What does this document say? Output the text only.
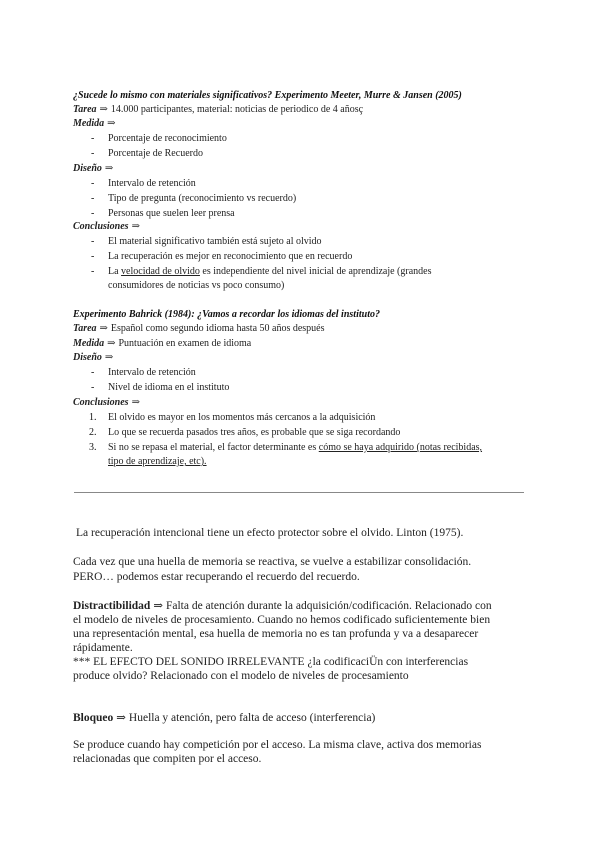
¿Sucede lo mismo con materiales significativos? Experimento Meeter, Murre & Jansen (2005)
Tarea ⇒ 14.000 participantes, material: noticias de periodico de 4 añosç
Medida ⇒
- Porcentaje de reconocimiento
- Porcentaje de Recuerdo
Diseño ⇒
- Intervalo de retención
- Tipo de pregunta (reconocimiento vs recuerdo)
- Personas que suelen leer prensa
Conclusiones ⇒
- El material significativo también está sujeto al olvido
- La recuperación es mejor en reconocimiento que en recuerdo
- La velocidad de olvido es independiente del nivel inicial de aprendizaje (grandes
consumidores de noticias vs poco consumo)
Experimento Bahrick (1984): ¿Vamos a recordar los idiomas del instituto?
Tarea ⇒ Español como segundo idioma hasta 50 años después
Medida ⇒ Puntuación en examen de idioma
Diseño ⇒
- Intervalo de retención
- Nivel de idioma en el instituto
Conclusiones ⇒
1. El olvido es mayor en los momentos más cercanos a la adquisición
2. Lo que se recuerda pasados tres años, es probable que se siga recordando
3. Si no se repasa el material, el factor determinante es cómo se haya adquirido (notas recibidas,
tipo de aprendizaje, etc).
La recuperación intencional tiene un efecto protector sobre el olvido. Linton (1975).
Cada vez que una huella de memoria se reactiva, se vuelve a estabilizar consolidación.
PERO… podemos estar recuperando el recuerdo del recuerdo.
Distractibilidad ⇒ Falta de atención durante la adquisición/codificación. Relacionado con
el modelo de niveles de procesamiento. Cuando no hemos codificado suficientemente bien
una representación mental, esa huella de memoria no es tan profunda y va a desaparecer
rápidamente.
*** EL EFECTO DEL SONIDO IRRELEVANTE ¿la codificaciÜn con interferencias
produce olvido? Relacionado con el modelo de niveles de procesamiento
Bloqueo ⇒ Huella y atención, pero falta de acceso (interferencia)
Se produce cuando hay competición por el acceso. La misma clave, activa dos memorias
relacionadas que compiten por el acceso.
